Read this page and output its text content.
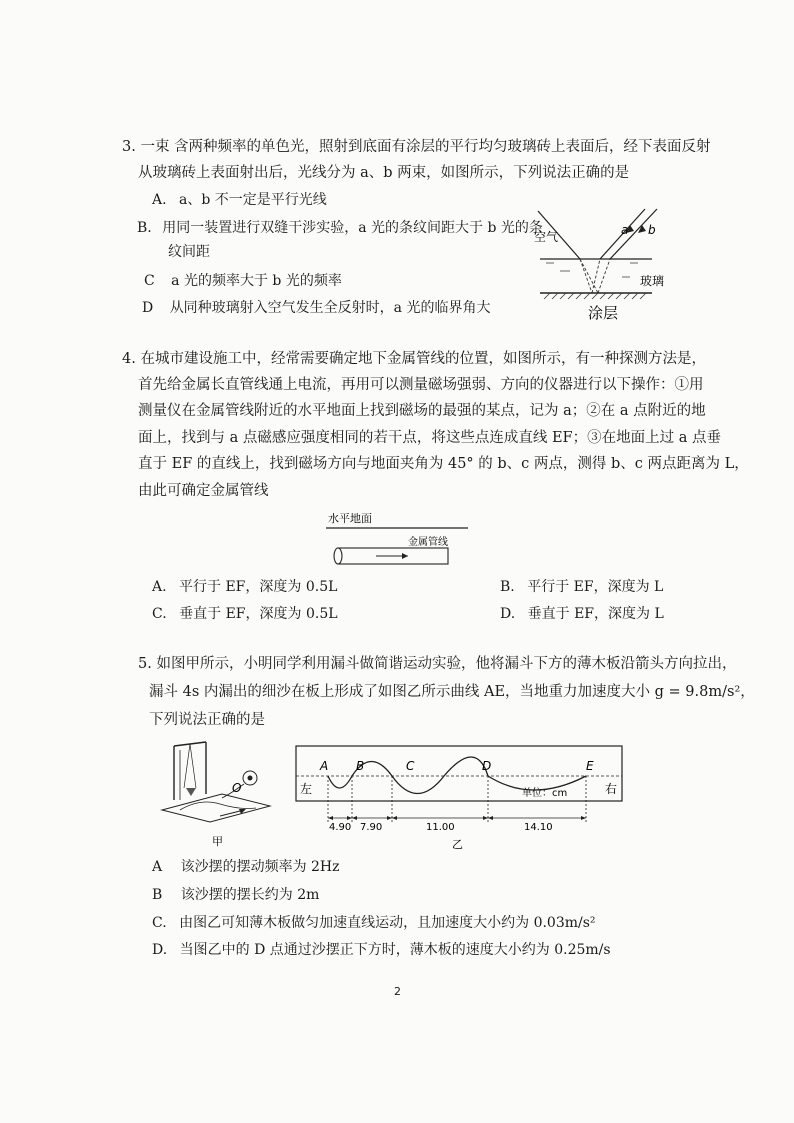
3. 一束 含两种频率的单色光，照射到底面有涂层的平行均匀玻璃砖上表面后，经下表面反射
从玻璃砖上表面射出后，光线分为 a、b 两束，如图所示，下列说法正确的是
A. a、b 不一定是平行光线
B. 用同一装置进行双缝干涉实验，a 光的条纹间距大于 b 光的条
纹间距
C a 光的频率大于 b 光的频率
D 从同种玻璃射入空气发生全反射时，a 光的临界角大
a b
空气
玻璃
涂层
4. 在城市建设施工中，经常需要确定地下金属管线的位置，如图所示，有一种探测方法是，
首先给金属长直管线通上电流，再用可以测量磁场强弱、方向的仪器进行以下操作：①用
测量仪在金属管线附近的水平地面上找到磁场的最强的某点，记为 a；②在 a 点附近的地
面上，找到与 a 点磁感应强度相同的若干点，将这些点连成直线 EF；③在地面上过 a 点垂
直于 EF 的直线上，找到磁场方向与地面夹角为 45° 的 b、c 两点，测得 b、c 两点距离为 L，
由此可确定金属管线
水平地面
金属管线
A. 平行于 EF，深度为 0.5L	B. 平行于 EF，深度为 L
C. 垂直于 EF，深度为 0.5L	D. 垂直于 EF，深度为 L
5. 如图甲所示，小明同学利用漏斗做简谐运动实验，他将漏斗下方的薄木板沿箭头方向拉出，
漏斗 4s 内漏出的细沙在板上形成了如图乙所示曲线 AE，当地重力加速度大小 g = 9.8m/s²，
下列说法正确的是
O
甲
A B	C	D	E
左	右
单位：cm
4.90 7.90	11.00	14.10
乙
A 该沙摆的摆动频率为 2Hz
B 该沙摆的摆长约为 2m
C. 由图乙可知薄木板做匀加速直线运动，且加速度大小约为 0.03m/s²
D. 当图乙中的 D 点通过沙摆正下方时，薄木板的速度大小约为 0.25m/s
2
